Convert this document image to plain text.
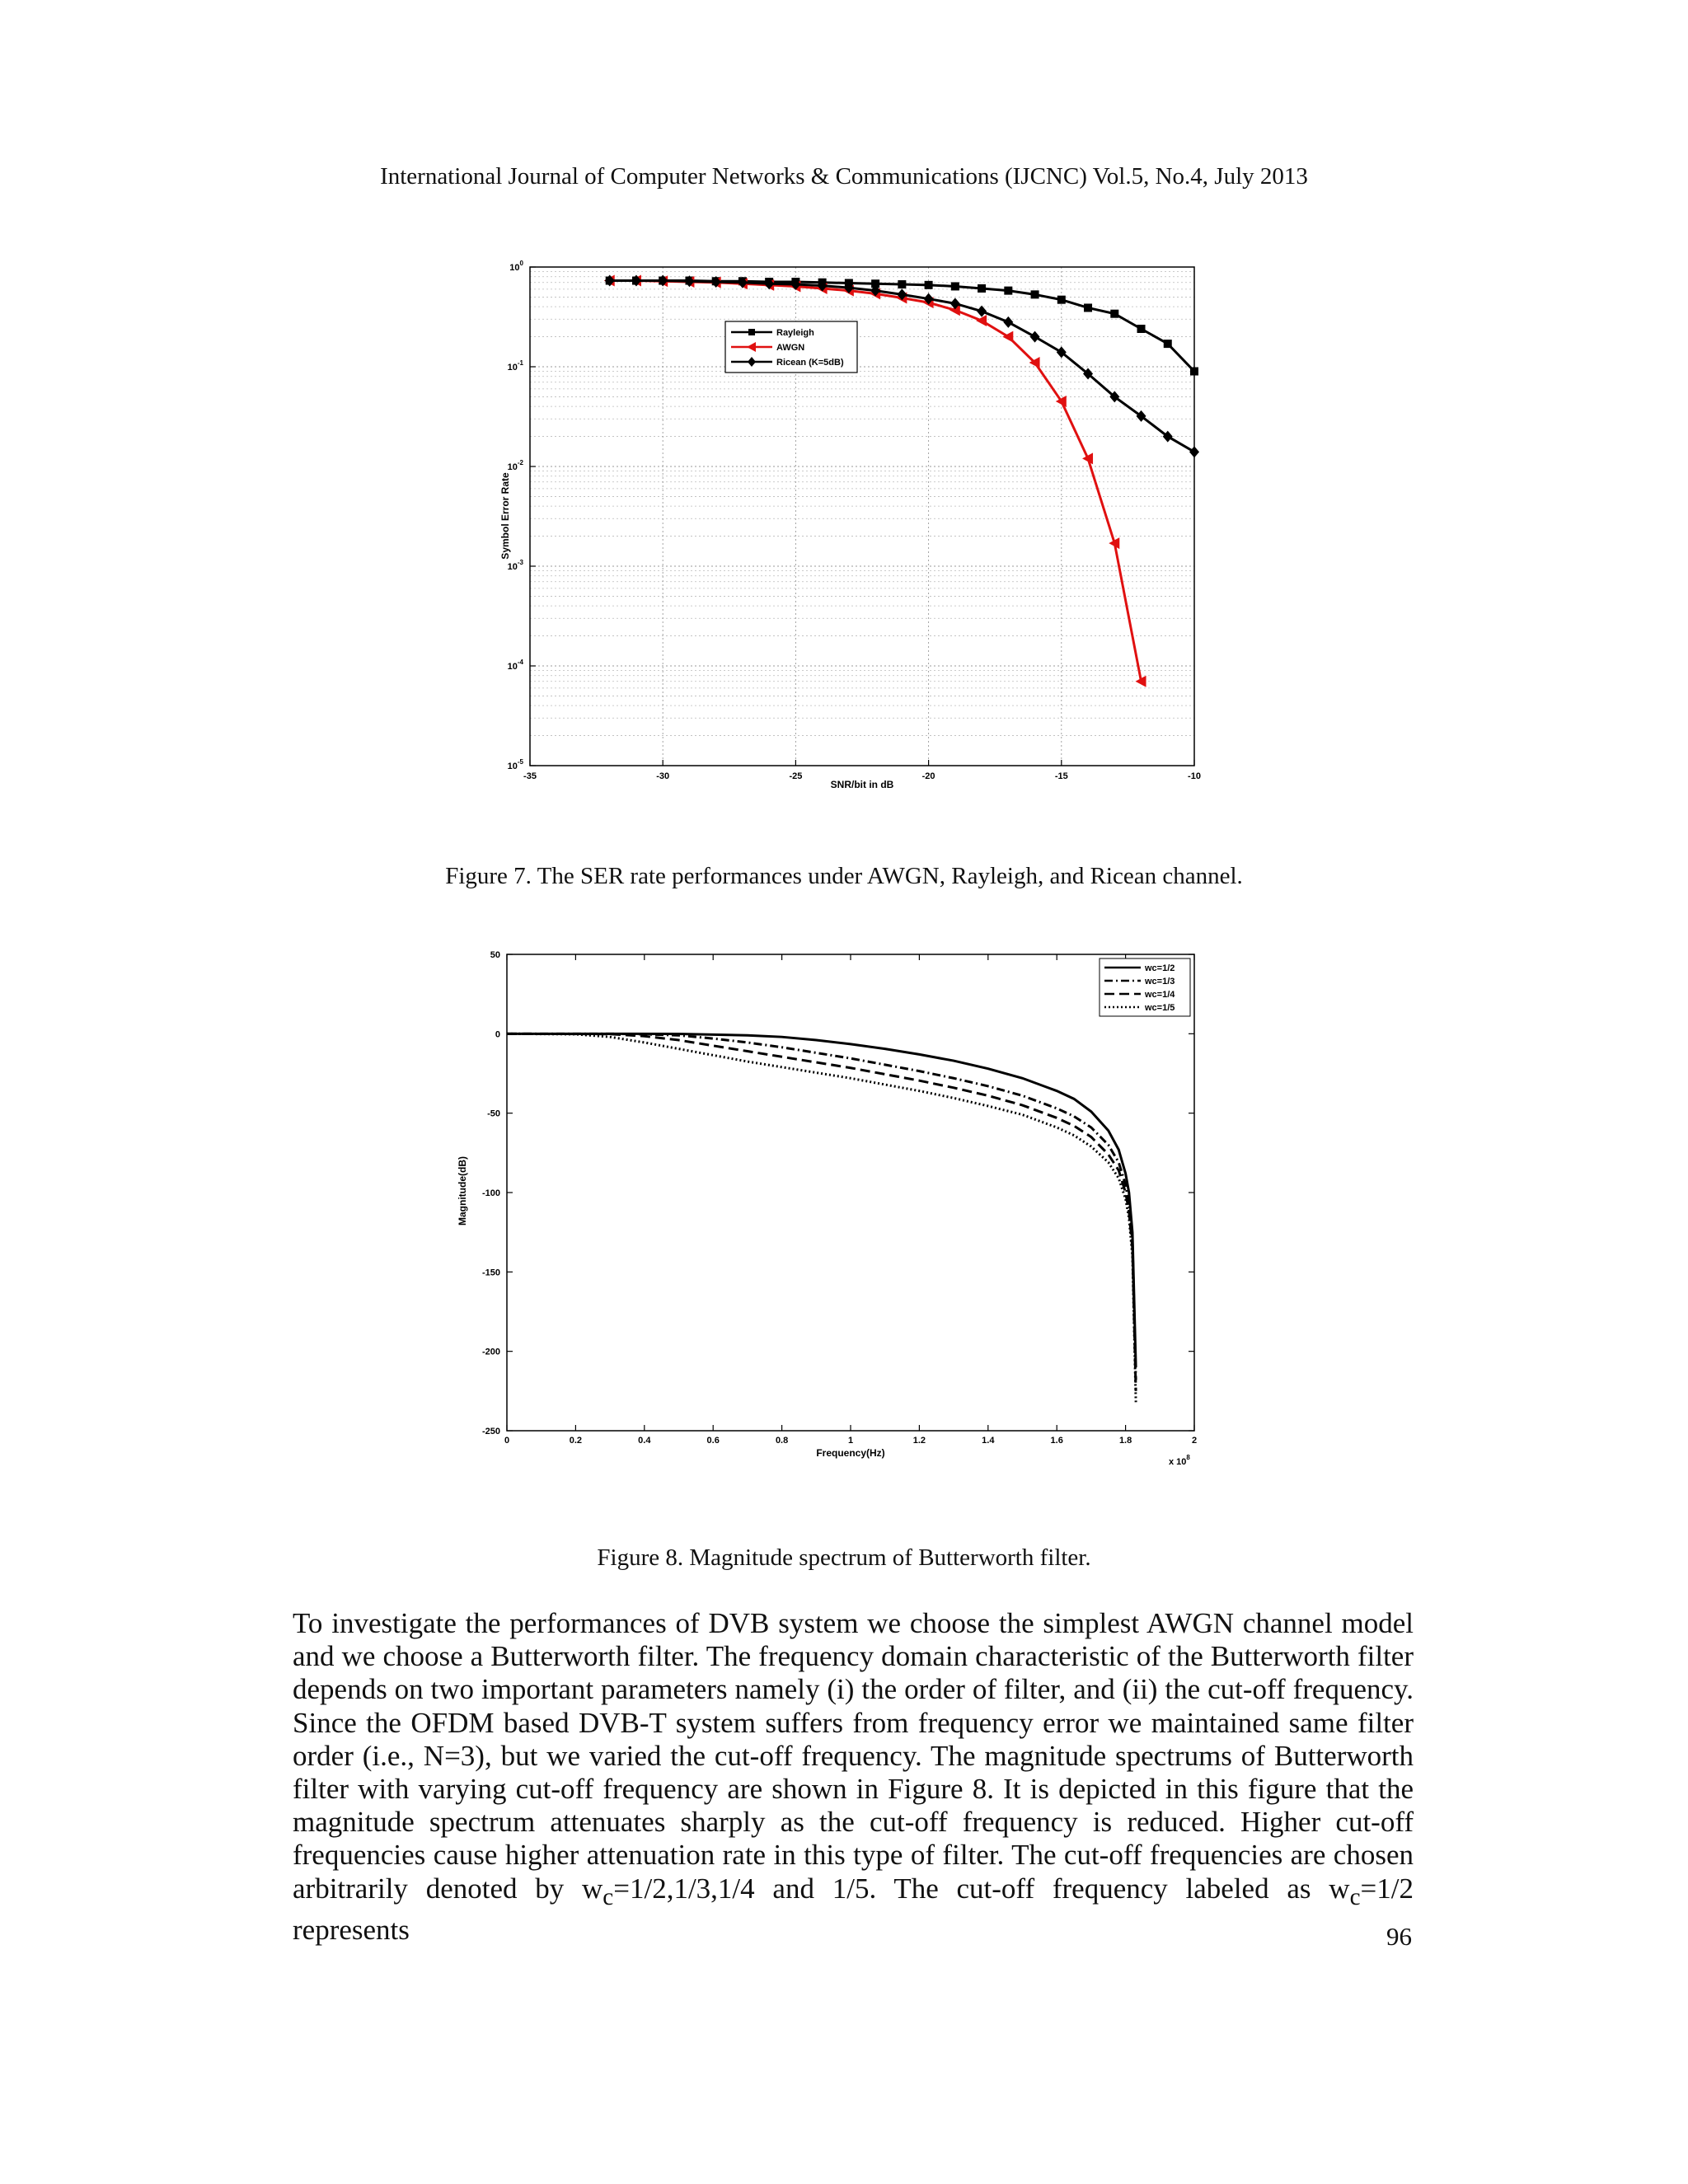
International Journal of Computer Networks & Communications (IJCNC) Vol.5, No.4, July 2013
-35	-30	-25	-20	-15	-10
$10^0$
$10^{-1}$
$10^{-2}$
$10^{-3}$
$10^{-4}$
$10^{-5}$
SNR/bit in dB
Symbol Error Rate
Rayleigh
AWGN
Ricean (K=5dB)
Figure 7. The SER rate performances under AWGN, Rayleigh, and Ricean channel.
0	0.2	0.4	0.6	0.8	1	1.2	1.4	1.6	1.8	2
50
0
-50
-100
-150
-200
-250
Frequency(Hz)
Magnitude(dB)
x $10^8$
wc=1/2
wc=1/3
wc=1/4
wc=1/5
Figure 8. Magnitude spectrum of Butterworth filter.

To investigate the performances of DVB system we choose the simplest AWGN channel model and we choose a Butterworth filter. The frequency domain characteristic of the Butterworth filter depends on two important parameters namely (i) the order of filter, and (ii) the cut-off frequency. Since the OFDM based DVB-T system suffers from frequency error we maintained same filter order (i.e., N=3), but we varied the cut-off frequency. The magnitude spectrums of Butterworth filter with varying cut-off frequency are shown in Figure 8. It is depicted in this figure that the magnitude spectrum attenuates sharply as the cut-off frequency is reduced. Higher cut-off frequencies cause higher attenuation rate in this type of filter. The cut-off frequencies are chosen arbitrarily denoted by $w_c=1/2,1/3,1/4$ and 1/5. The cut-off frequency labeled as $w_c=1/2$ represents	96
